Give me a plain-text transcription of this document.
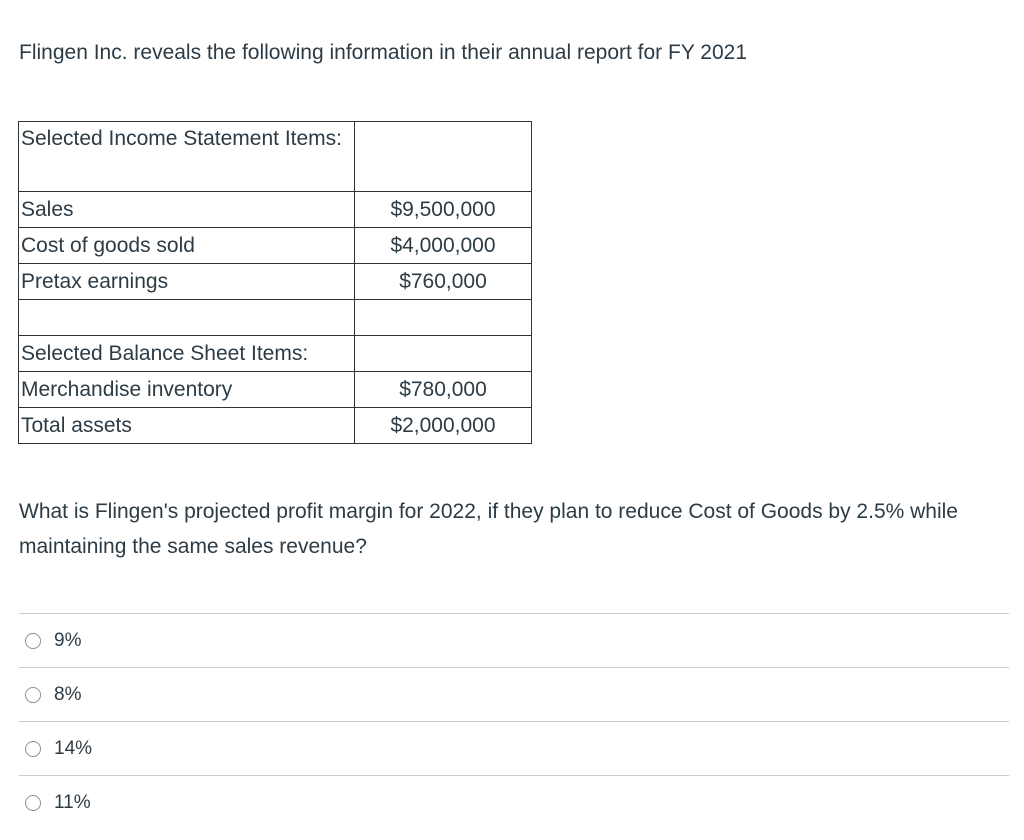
Flingen Inc. reveals the following information in their annual report for FY 2021

Selected Income Statement Items:	
Sales	$9,500,000
Cost of goods sold	$4,000,000
Pretax earnings	$760,000

Selected Balance Sheet Items:	
Merchandise inventory	$780,000
Total assets	$2,000,000

What is Flingen's projected profit margin for 2022, if they plan to reduce Cost of Goods by 2.5% while maintaining the same sales revenue?

9%
8%
14%
11%
